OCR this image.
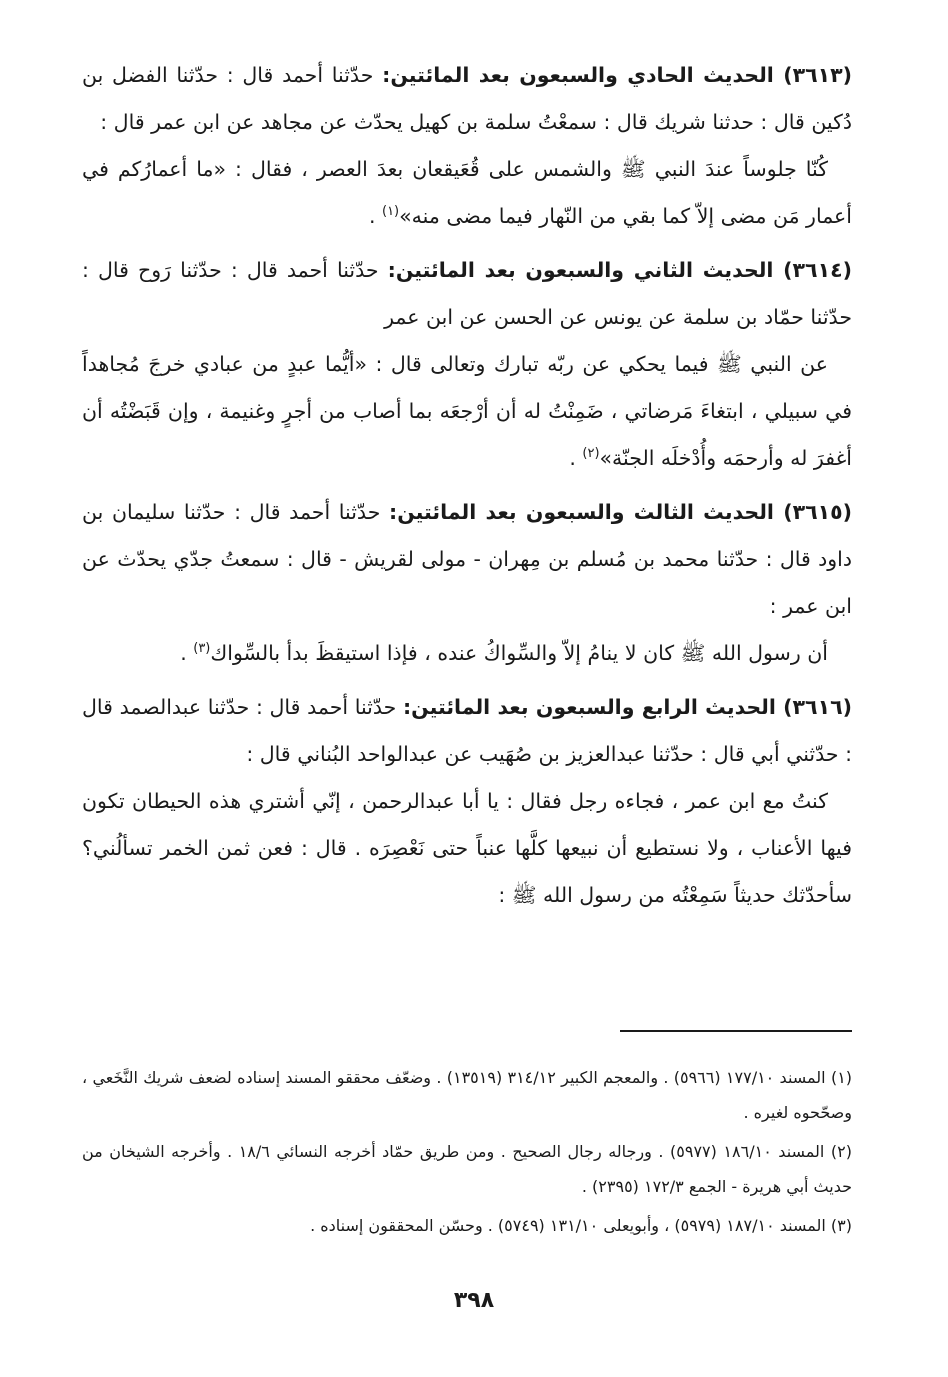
(٣٦١٣) الحديث الحادي والسبعون بعد المائتين: حدّثنا أحمد قال : حدّثنا الفضل بن دُكين قال : حدثنا شريك قال : سمعْتُ سلمة بن كهيل يحدّث عن مجاهد عن ابن عمر قال :

كُنّا جلوساً عندَ النبي ﷺ والشمس على قُعَيقعان بعدَ العصر ، فقال : «ما أعمارُكم في أعمار مَن مضى إلاّ كما بقي من النّهار فيما مضى منه»$^{(١)}$ .

(٣٦١٤) الحديث الثاني والسبعون بعد المائتين: حدّثنا أحمد قال : حدّثنا رَوح قال : حدّثنا حمّاد بن سلمة عن يونس عن الحسن عن ابن عمر

عن النبي ﷺ فيما يحكي عن ربّه تبارك وتعالى قال : «أيُّما عبدٍ من عبادي خرجَ مُجاهداً في سبيلي ، ابتغاءَ مَرضاتي ، ضَمِنْتُ له أن أرْجعَه بما أصاب من أجرٍ وغنيمة ، وإن قَبَضْتُه أن أغفرَ له وأرحمَه وأُدْخلَه الجنّة»$^{(٢)}$ .

(٣٦١٥) الحديث الثالث والسبعون بعد المائتين: حدّثنا أحمد قال : حدّثنا سليمان بن داود قال : حدّثنا محمد بن مُسلم بن مِهران - مولى لقريش - قال : سمعتُ جدّي يحدّث عن ابن عمر :

أن رسول الله ﷺ كان لا ينامُ إلاّ والسِّواكُ عنده ، فإذا استيقظَ بدأ بالسِّواك$^{(٣)}$ .

(٣٦١٦) الحديث الرابع والسبعون بعد المائتين: حدّثنا أحمد قال : حدّثنا عبدالصمد قال : حدّثني أبي قال : حدّثنا عبدالعزيز بن صُهَيب عن عبدالواحد البُناني قال :

كنتُ مع ابن عمر ، فجاءه رجل فقال : يا أبا عبدالرحمن ، إنّي أشتري هذه الحيطان تكون فيها الأعناب ، ولا نستطيع أن نبيعها كلَّها عنباً حتى نَعْصِرَه . قال : فعن ثمن الخمر تسألُني؟ سأحدّثك حديثاً سَمِعْتُه من رسول الله ﷺ :

(١) المسند ١٧٧/١٠ (٥٩٦٦) . والمعجم الكبير ٣١٤/١٢ (١٣٥١٩) . وضعّف محققو المسند إسناده لضعف شريك النَّخَعي ، وصحّحوه لغيره .

(٢) المسند ١٨٦/١٠ (٥٩٧٧) . ورجاله رجال الصحيح . ومن طريق حمّاد أخرجه النسائي ١٨/٦ . وأخرجه الشيخان من حديث أبي هريرة - الجمع ١٧٢/٣ (٢٣٩٥) .

(٣) المسند ١٨٧/١٠ (٥٩٧٩) ، وأبويعلى ١٣١/١٠ (٥٧٤٩) . وحسّن المحققون إسناده .

٣٩٨
